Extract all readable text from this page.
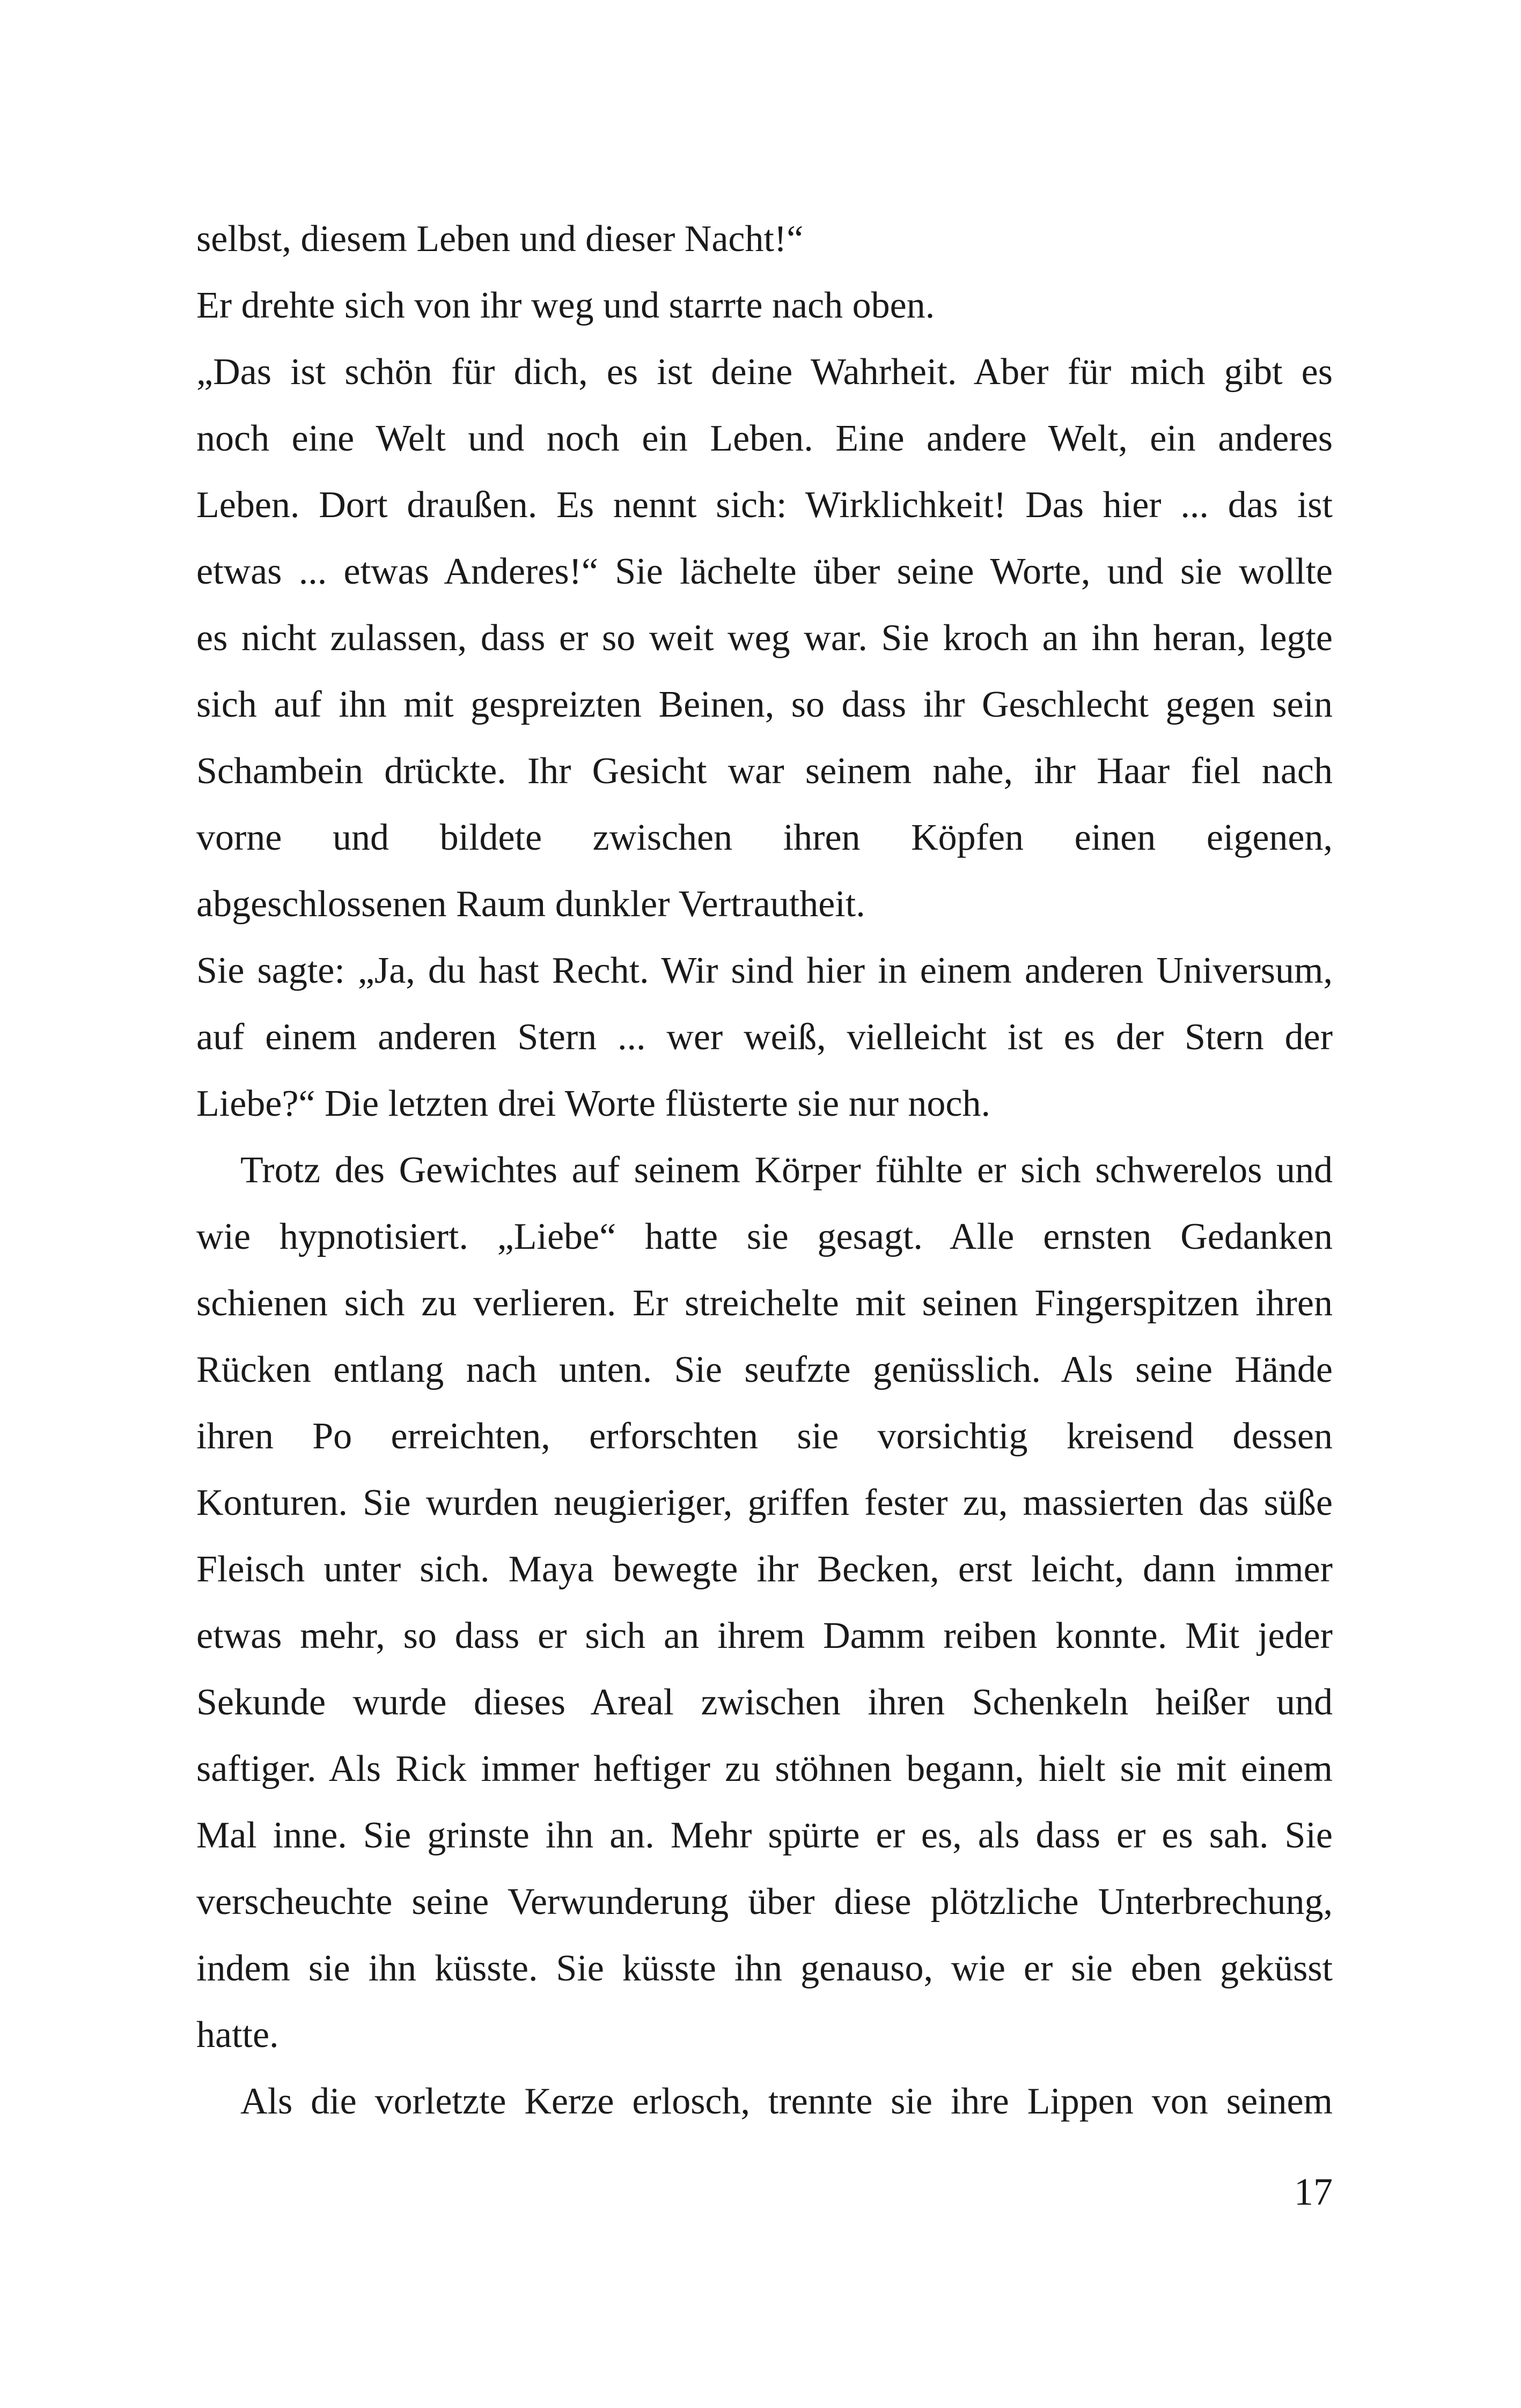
selbst, diesem Leben und dieser Nacht!“
Er drehte sich von ihr weg und starrte nach oben.
„Das ist schön für dich, es ist deine Wahrheit. Aber für mich gibt es
noch eine Welt und noch ein Leben. Eine andere Welt, ein anderes
Leben. Dort draußen. Es nennt sich: Wirklichkeit! Das hier ... das ist
etwas ... etwas Anderes!“ Sie lächelte über seine Worte, und sie wollte
es nicht zulassen, dass er so weit weg war. Sie kroch an ihn heran, legte
sich auf ihn mit gespreizten Beinen, so dass ihr Geschlecht gegen sein
Schambein drückte. Ihr Gesicht war seinem nahe, ihr Haar fiel nach
vorne und bildete zwischen ihren Köpfen einen eigenen,
abgeschlossenen Raum dunkler Vertrautheit.
Sie sagte: „Ja, du hast Recht. Wir sind hier in einem anderen Universum,
auf einem anderen Stern ... wer weiß, vielleicht ist es der Stern der
Liebe?“ Die letzten drei Worte flüsterte sie nur noch.
Trotz des Gewichtes auf seinem Körper fühlte er sich schwerelos und
wie hypnotisiert. „Liebe“ hatte sie gesagt. Alle ernsten Gedanken
schienen sich zu verlieren. Er streichelte mit seinen Fingerspitzen ihren
Rücken entlang nach unten. Sie seufzte genüsslich. Als seine Hände
ihren Po erreichten, erforschten sie vorsichtig kreisend dessen
Konturen. Sie wurden neugieriger, griffen fester zu, massierten das süße
Fleisch unter sich. Maya bewegte ihr Becken, erst leicht, dann immer
etwas mehr, so dass er sich an ihrem Damm reiben konnte. Mit jeder
Sekunde wurde dieses Areal zwischen ihren Schenkeln heißer und
saftiger. Als Rick immer heftiger zu stöhnen begann, hielt sie mit einem
Mal inne. Sie grinste ihn an. Mehr spürte er es, als dass er es sah. Sie
verscheuchte seine Verwunderung über diese plötzliche Unterbrechung,
indem sie ihn küsste. Sie küsste ihn genauso, wie er sie eben geküsst
hatte.
Als die vorletzte Kerze erlosch, trennte sie ihre Lippen von seinem
17
